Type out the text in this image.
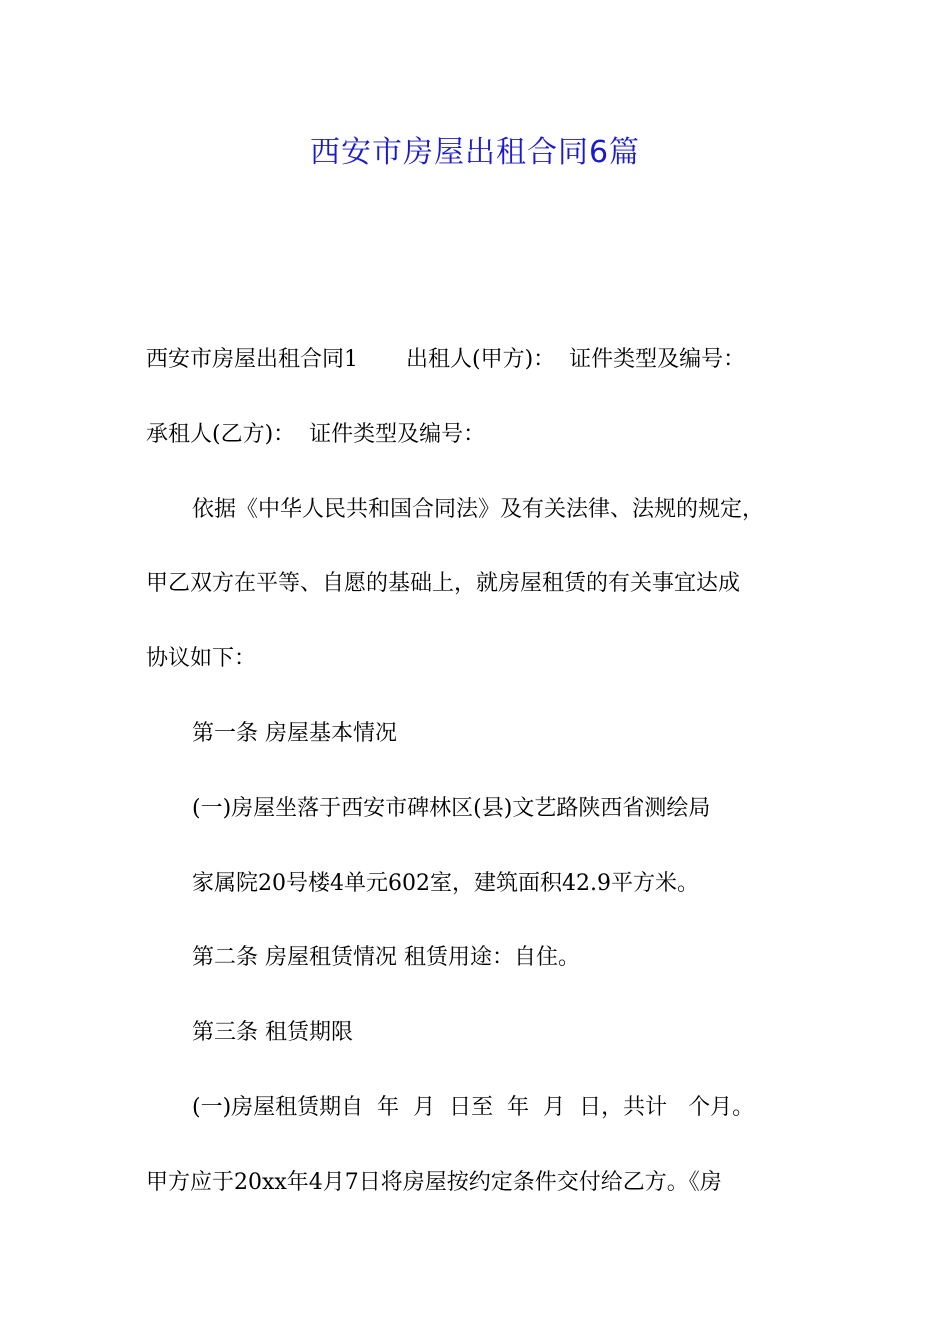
西安市房屋出租合同6篇
西安市房屋出租合同1 出租人(甲方)： 证件类型及编号：
承租人(乙方)： 证件类型及编号：
依据《中华人民共和国合同法》及有关法律、法规的规定，
甲乙双方在平等、自愿的基础上，就房屋租赁的有关事宜达成
协议如下：
第一条 房屋基本情况
(一)房屋坐落于西安市碑林区(县)文艺路陕西省测绘局
家属院20号楼4单元602室，建筑面积42.9平方米。
第二条 房屋租赁情况 租赁用途：自住。
第三条 租赁期限
(一)房屋租赁期自  年  月  日至  年  月  日，共计   个月。
甲方应于20xx年4月7日将房屋按约定条件交付给乙方。《房
